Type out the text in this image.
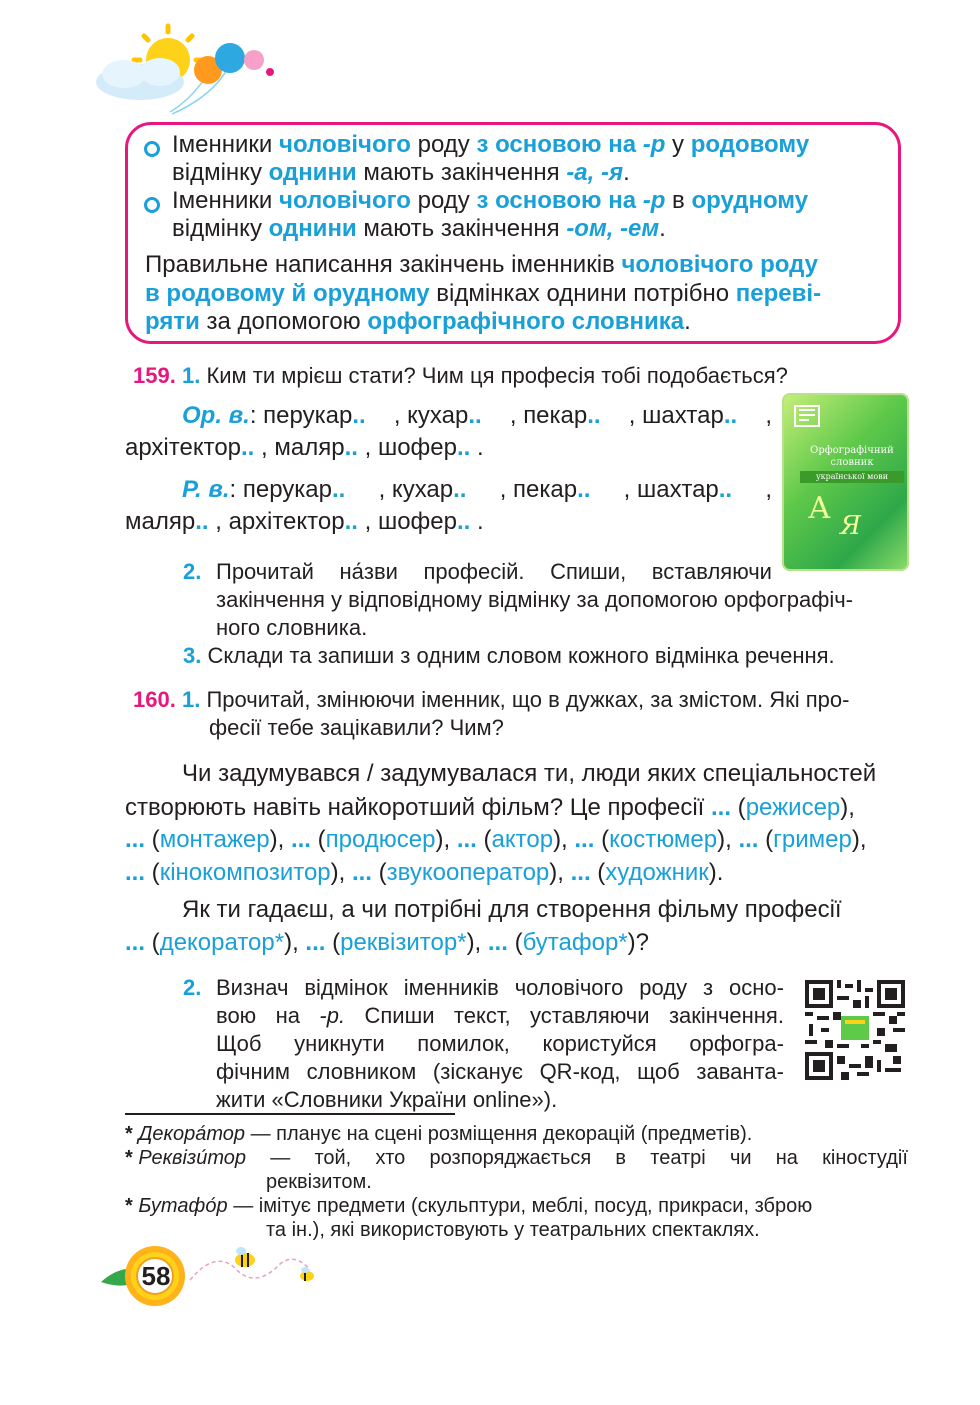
Іменники чоловічого роду з основою на -р у родовому
відмінку однини мають закінчення -а, -я.
Іменники чоловічого роду з основою на -р в орудному
відмінку однини мають закінчення -ом, -ем.
Правильне написання закінчень іменників чоловічого роду
в родовому й орудному відмінках однини потрібно переві-
ряти за допомогою орфографічного словника.
159. 1. Ким ти мрієш стати? Чим ця професія тобі подобається?
Ор. в.: перукар.. , кухар.. , пекар.. , шахтар.. ,
архітектор.. , маляр.. , шофер.. .
Р. в.: перукар.. , кухар.. , пекар.. , шахтар.. ,
маляр.. , архітектор.. , шофер.. .
Орфографічний
словник
української мови
А Я
2. Прочитай на́зви професій. Спиши, вставляючи
закінчення у відповідному відмінку за допомогою орфографіч-
ного словника.
3. Склади та запиши з одним словом кожного відмінка речення.
160. 1. Прочитай, змінюючи іменник, що в дужках, за змістом. Які про-
фесії тебе зацікавили? Чим?
Чи задумувався / задумувалася ти, люди яких спеціальностей
створюють навіть найкоротший фільм? Це професії ... (режисер),
... (монтажер), ... (продюсер), ... (актор), ... (костюмер), ... (гример),
... (кінокомпозитор), ... (звукооператор), ... (художник).
Як ти гадаєш, а чи потрібні для створення фільму професії
... (декоратор*), ... (реквізитор*), ... (бутафор*)?
2. Визнач відмінок іменників чоловічого роду з осно-
вою на -р. Спиши текст, уставляючи закінчення.
Щоб уникнути помилок, користуйся орфогра-
фічним словником (зісканує QR-код, щоб заванта-
жити «Словники України online»).
* Декора́тор — планує на сцені розміщення декорацій (предметів).
* Реквізи́тор — той, хто розпоряджається в театрі чи на кіностудії
реквізитом.
* Бутафо́р — імітує предмети (скульптури, меблі, посуд, прикраси, зброю
та ін.), які використовують у театральних спектаклях.
58
